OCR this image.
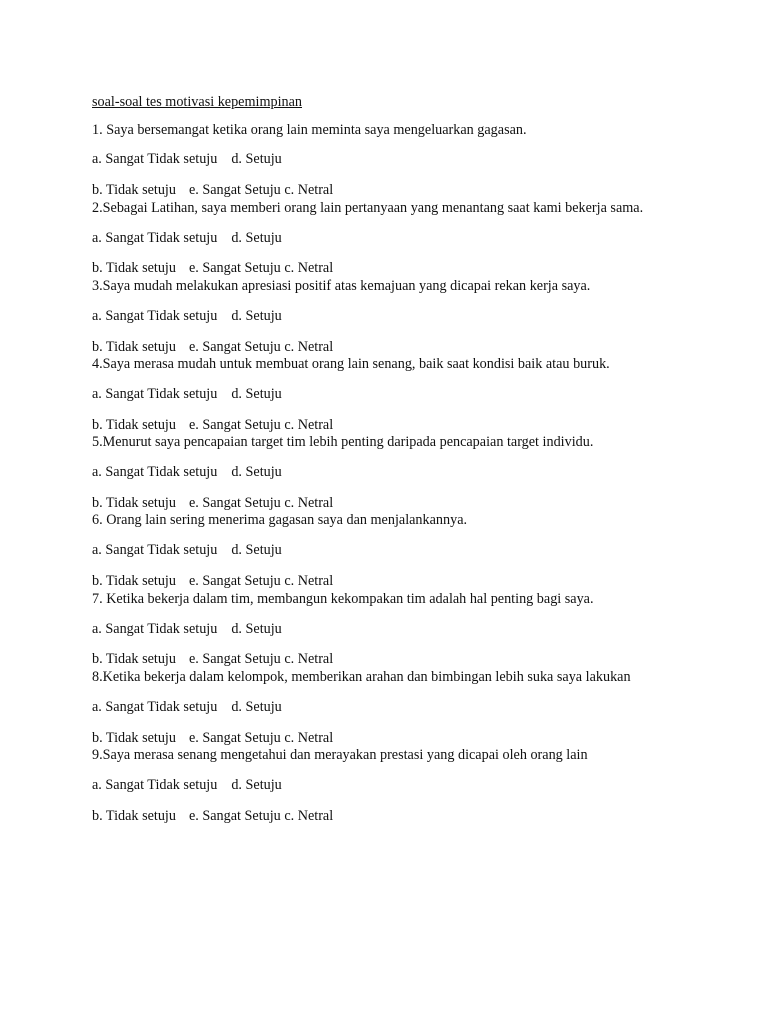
soal-soal tes motivasi kepemimpinan
1. Saya bersemangat ketika orang lain meminta saya mengeluarkan gagasan.
a. Sangat Tidak setuju d. Setuju
b. Tidak setuju e. Sangat Setuju c. Netral
2.Sebagai Latihan, saya memberi orang lain pertanyaan yang menantang saat kami bekerja sama.
a. Sangat Tidak setuju d. Setuju
b. Tidak setuju e. Sangat Setuju c. Netral
3.Saya mudah melakukan apresiasi positif atas kemajuan yang dicapai rekan kerja saya.
a. Sangat Tidak setuju d. Setuju
b. Tidak setuju e. Sangat Setuju c. Netral
4.Saya merasa mudah untuk membuat orang lain senang, baik saat kondisi baik atau buruk.
a. Sangat Tidak setuju d. Setuju
b. Tidak setuju e. Sangat Setuju c. Netral
5.Menurut saya pencapaian target tim lebih penting daripada pencapaian target individu.
a. Sangat Tidak setuju d. Setuju
b. Tidak setuju e. Sangat Setuju c. Netral
6. Orang lain sering menerima gagasan saya dan menjalankannya.
a. Sangat Tidak setuju d. Setuju
b. Tidak setuju e. Sangat Setuju c. Netral
7. Ketika bekerja dalam tim, membangun kekompakan tim adalah hal penting bagi saya.
a. Sangat Tidak setuju d. Setuju
b. Tidak setuju e. Sangat Setuju c. Netral
8.Ketika bekerja dalam kelompok, memberikan arahan dan bimbingan lebih suka saya lakukan
a. Sangat Tidak setuju d. Setuju
b. Tidak setuju e. Sangat Setuju c. Netral
9.Saya merasa senang mengetahui dan merayakan prestasi yang dicapai oleh orang lain
a. Sangat Tidak setuju d. Setuju
b. Tidak setuju e. Sangat Setuju c. Netral
